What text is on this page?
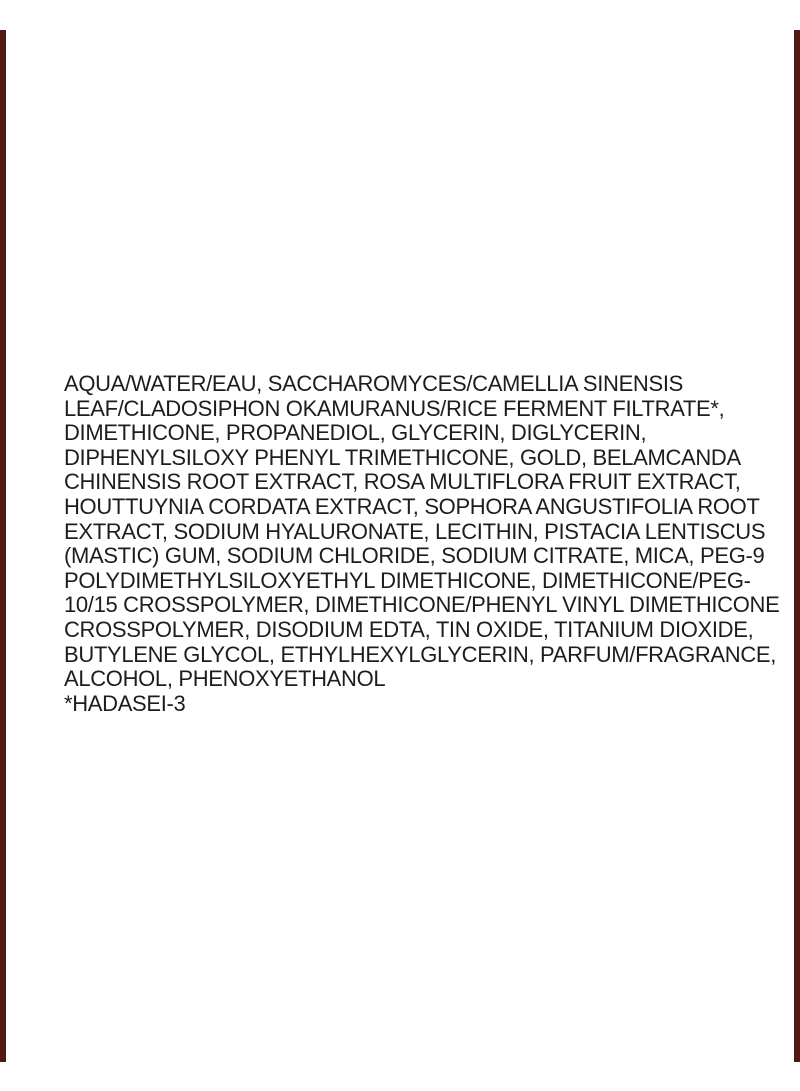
AQUA/WATER/EAU, SACCHAROMYCES/CAMELLIA SINENSIS
LEAF/CLADOSIPHON OKAMURANUS/RICE FERMENT FILTRATE*,
DIMETHICONE, PROPANEDIOL, GLYCERIN, DIGLYCERIN,
DIPHENYLSILOXY PHENYL TRIMETHICONE, GOLD, BELAMCANDA
CHINENSIS ROOT EXTRACT, ROSA MULTIFLORA FRUIT EXTRACT,
HOUTTUYNIA CORDATA EXTRACT, SOPHORA ANGUSTIFOLIA ROOT
EXTRACT, SODIUM HYALURONATE, LECITHIN, PISTACIA LENTISCUS
(MASTIC) GUM, SODIUM CHLORIDE, SODIUM CITRATE, MICA, PEG-9
POLYDIMETHYLSILOXYETHYL DIMETHICONE, DIMETHICONE/PEG-
10/15 CROSSPOLYMER, DIMETHICONE/PHENYL VINYL DIMETHICONE
CROSSPOLYMER, DISODIUM EDTA, TIN OXIDE, TITANIUM DIOXIDE,
BUTYLENE GLYCOL, ETHYLHEXYLGLYCERIN, PARFUM/FRAGRANCE,
ALCOHOL, PHENOXYETHANOL
*HADASEI-3
